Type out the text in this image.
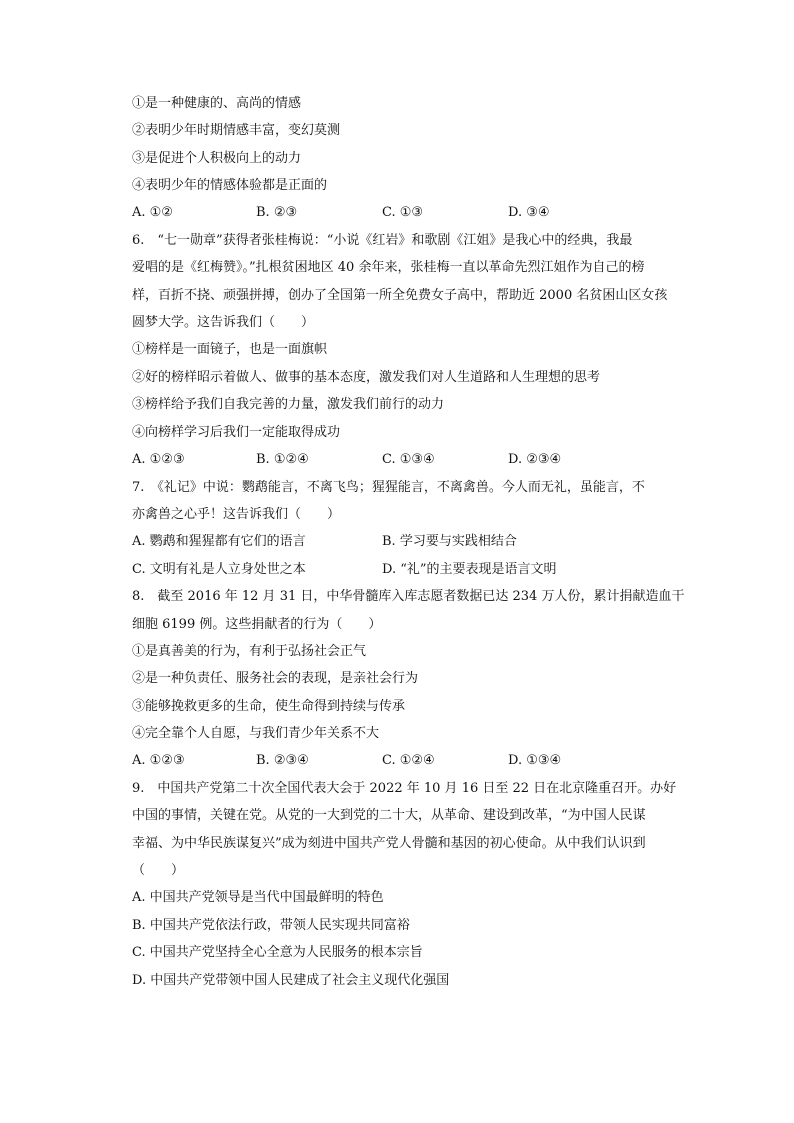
①是一种健康的、高尚的情感
②表明少年时期情感丰富，变幻莫测
③是促进个人积极向上的动力
④表明少年的情感体验都是正面的
A. ①②	B. ②③	C. ①③	D. ③④
6.　“七一勋章”获得者张桂梅说：“小说《红岩》和歌剧《江姐》是我心中的经典，我最
爱唱的是《红梅赞》。”扎根贫困地区 40 余年来，张桂梅一直以革命先烈江姐作为自己的榜
样，百折不挠、顽强拼搏，创办了全国第一所全免费女子高中，帮助近 2000 名贫困山区女孩
圆梦大学。这告诉我们（　　）
①榜样是一面镜子，也是一面旗帜
②好的榜样昭示着做人、做事的基本态度，激发我们对人生道路和人生理想的思考
③榜样给予我们自我完善的力量，激发我们前行的动力
④向榜样学习后我们一定能取得成功
A. ①②③	B. ①②④	C. ①③④	D. ②③④
7.　《礼记》中说：鹦鹉能言，不离飞鸟；猩猩能言，不离禽兽。今人而无礼，虽能言，不
亦禽兽之心乎！这告诉我们（　　）
A. 鹦鹉和猩猩都有它们的语言	B. 学习要与实践相结合
C. 文明有礼是人立身处世之本	D. “礼”的主要表现是语言文明
8.　截至 2016 年 12 月 31 日，中华骨髓库入库志愿者数据已达 234 万人份，累计捐献造血干
细胞 6199 例。这些捐献者的行为（　　）
①是真善美的行为，有利于弘扬社会正气
②是一种负责任、服务社会的表现，是亲社会行为
③能够挽救更多的生命，使生命得到持续与传承
④完全靠个人自愿，与我们青少年关系不大
A. ①②③	B. ②③④	C. ①②④	D. ①③④
9.　中国共产党第二十次全国代表大会于 2022 年 10 月 16 日至 22 日在北京隆重召开。办好
中国的事情，关键在党。从党的一大到党的二十大，从革命、建设到改革，“为中国人民谋
幸福、为中华民族谋复兴”成为刻进中国共产党人骨髓和基因的初心使命。从中我们认识到
（　　）
A. 中国共产党领导是当代中国最鲜明的特色
B. 中国共产党依法行政，带领人民实现共同富裕
C. 中国共产党坚持全心全意为人民服务的根本宗旨
D. 中国共产党带领中国人民建成了社会主义现代化强国
